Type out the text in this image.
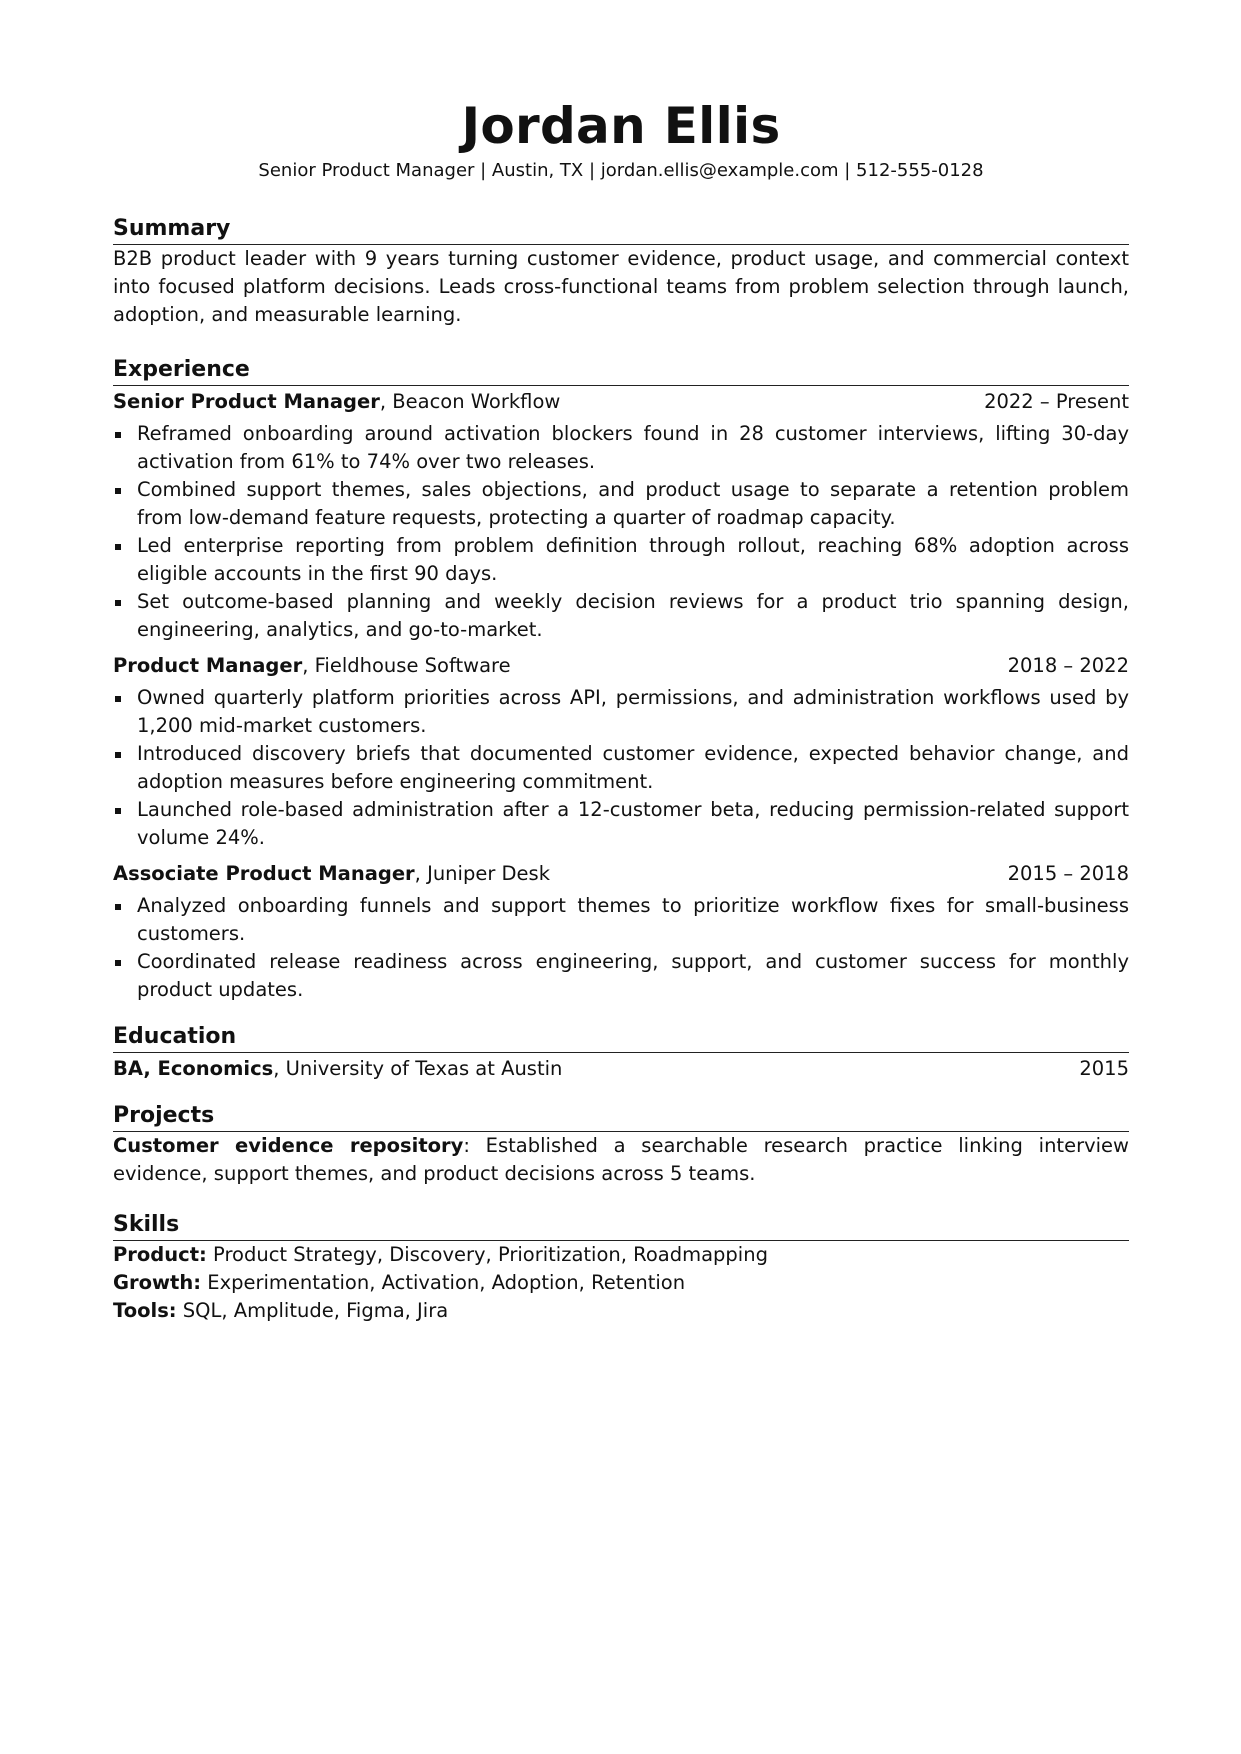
Jordan Ellis
Senior Product Manager | Austin, TX | jordan.ellis@example.com | 512-555-0128
Summary

B2B product leader with 9 years turning customer evidence, product usage, and commercial context into focused platform decisions. Leads cross-functional teams from problem selection through launch, adoption, and measurable learning.

Experience
Senior Product Manager, Beacon Workflow	2022 – Present
Reframed onboarding around activation blockers found in 28 customer interviews, lifting 30-day activation from 61% to 74% over two releases.
Combined support themes, sales objections, and product usage to separate a retention problem from low-demand feature requests, protecting a quarter of roadmap capacity.
Led enterprise reporting from problem definition through rollout, reaching 68% adoption across eligible accounts in the first 90 days.
Set outcome-based planning and weekly decision reviews for a product trio spanning design, engineering, analytics, and go-to-market.
Product Manager, Fieldhouse Software	2018 – 2022
Owned quarterly platform priorities across API, permissions, and administration workflows used by 1,200 mid-market customers.
Introduced discovery briefs that documented customer evidence, expected behavior change, and adoption measures before engineering commitment.
Launched role-based administration after a 12-customer beta, reducing permission-related support volume 24%.
Associate Product Manager, Juniper Desk	2015 – 2018
Analyzed onboarding funnels and support themes to prioritize workflow fixes for small-business customers.
Coordinated release readiness across engineering, support, and customer success for monthly product updates.
Education
BA, Economics, University of Texas at Austin	2015
Projects

Customer evidence repository: Established a searchable research practice linking interview evidence, support themes, and product decisions across 5 teams.

Skills
Product: Product Strategy, Discovery, Prioritization, Roadmapping
Growth: Experimentation, Activation, Adoption, Retention
Tools: SQL, Amplitude, Figma, Jira
